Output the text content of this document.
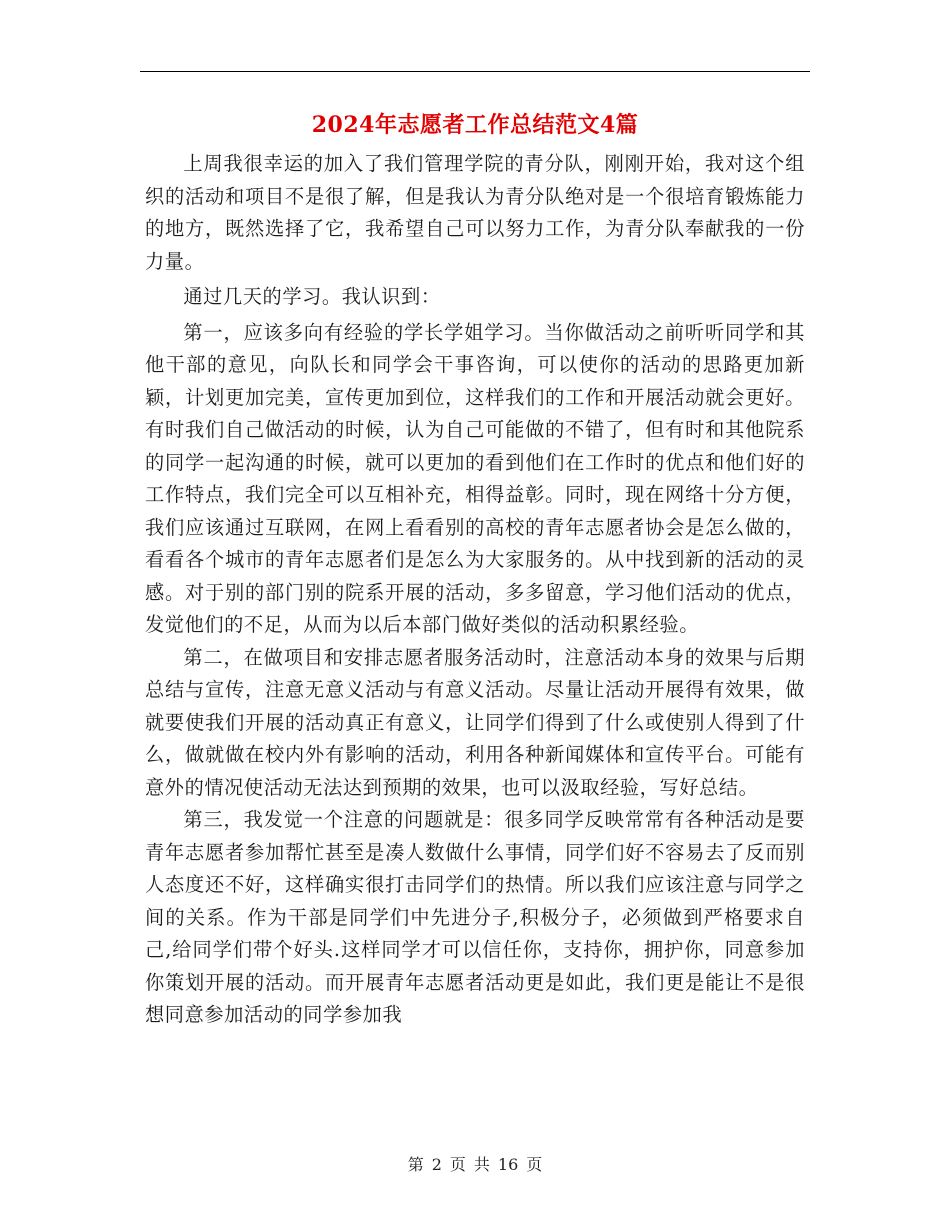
2024年志愿者工作总结范文4篇

上周我很幸运的加入了我们管理学院的青分队，刚刚开始，我对这个组织的活动和项目不是很了解，但是我认为青分队绝对是一个很培育锻炼能力的地方，既然选择了它，我希望自己可以努力工作，为青分队奉献我的一份力量。

通过几天的学习。我认识到：

第一，应该多向有经验的学长学姐学习。当你做活动之前听听同学和其他干部的意见，向队长和同学会干事咨询，可以使你的活动的思路更加新颖，计划更加完美，宣传更加到位，这样我们的工作和开展活动就会更好。有时我们自己做活动的时候，认为自己可能做的不错了，但有时和其他院系的同学一起沟通的时候，就可以更加的看到他们在工作时的优点和他们好的工作特点，我们完全可以互相补充，相得益彰。同时，现在网络十分方便，我们应该通过互联网，在网上看看别的高校的青年志愿者协会是怎么做的，看看各个城市的青年志愿者们是怎么为大家服务的。从中找到新的活动的灵感。对于别的部门别的院系开展的活动，多多留意，学习他们活动的优点，发觉他们的不足，从而为以后本部门做好类似的活动积累经验。

第二，在做项目和安排志愿者服务活动时，注意活动本身的效果与后期总结与宣传，注意无意义活动与有意义活动。尽量让活动开展得有效果，做就要使我们开展的活动真正有意义，让同学们得到了什么或使别人得到了什么，做就做在校内外有影响的活动，利用各种新闻媒体和宣传平台。可能有意外的情况使活动无法达到预期的效果，也可以汲取经验，写好总结。

第三，我发觉一个注意的问题就是：很多同学反映常常有各种活动是要青年志愿者参加帮忙甚至是凑人数做什么事情，同学们好不容易去了反而别人态度还不好，这样确实很打击同学们的热情。所以我们应该注意与同学之间的关系。作为干部是同学们中先进分子,积极分子，必须做到严格要求自己,给同学们带个好头.这样同学才可以信任你，支持你，拥护你，同意参加你策划开展的活动。而开展青年志愿者活动更是如此，我们更是能让不是很想同意参加活动的同学参加我

第 2 页 共 16 页
